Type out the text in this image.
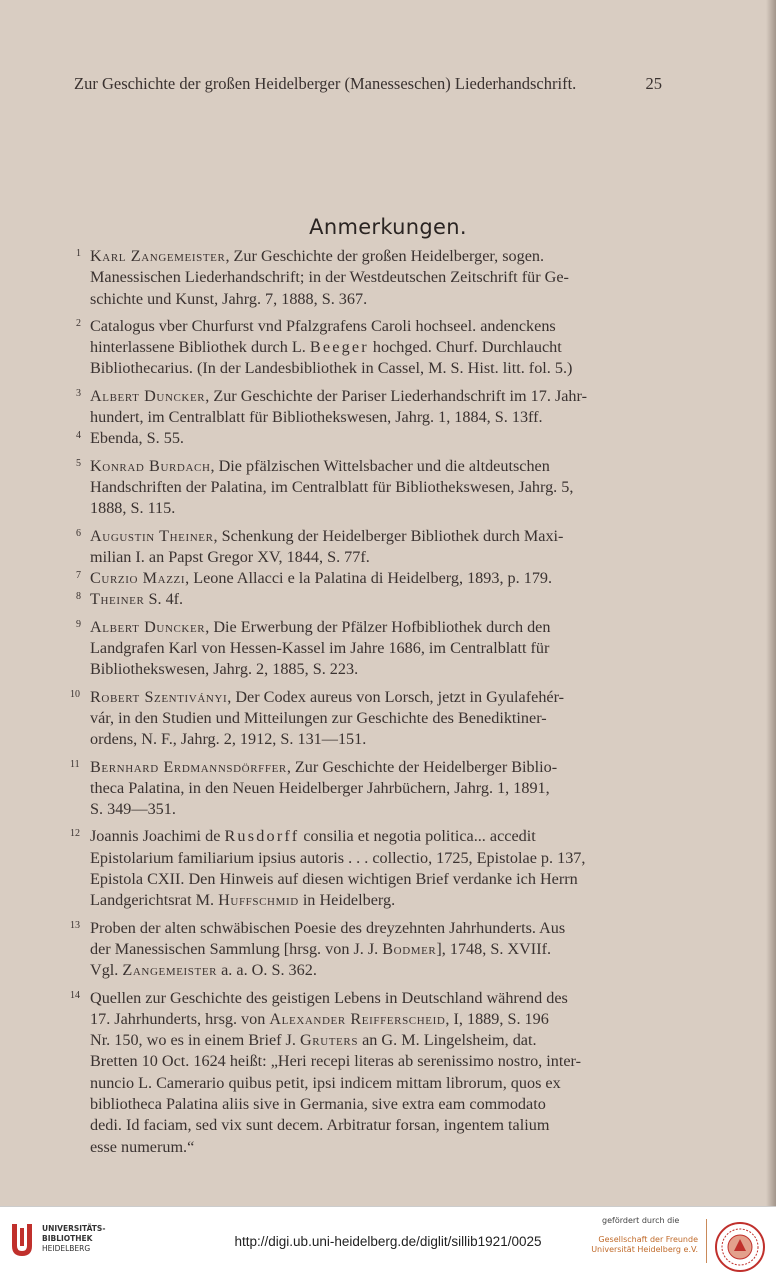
Zur Geschichte der großen Heidelberger (Manesseschen) Liederhandschrift.	25
Anmerkungen.
1 Karl Zangemeister, Zur Geschichte der großen Heidelberger, sogen.
Manessischen Liederhandschrift; in der Westdeutschen Zeitschrift für Ge-
schichte und Kunst, Jahrg. 7, 1888, S. 367.
2 Catalogus vber Churfurst vnd Pfalzgrafens Caroli hochseel. andenckens
hinterlassene Bibliothek durch L. Beeger hochged. Churf. Durchlaucht
Bibliothecarius. (In der Landesbibliothek in Cassel, M. S. Hist. litt. fol. 5.)
3 Albert Duncker, Zur Geschichte der Pariser Liederhandschrift im 17. Jahr-
hundert, im Centralblatt für Bibliothekswesen, Jahrg. 1, 1884, S. 13ff.
4 Ebenda, S. 55.
5 Konrad Burdach, Die pfälzischen Wittelsbacher und die altdeutschen
Handschriften der Palatina, im Centralblatt für Bibliothekswesen, Jahrg. 5,
1888, S. 115.
6 Augustin Theiner, Schenkung der Heidelberger Bibliothek durch Maxi-
milian I. an Papst Gregor XV, 1844, S. 77f.
7 Curzio Mazzi, Leone Allacci e la Palatina di Heidelberg, 1893, p. 179.
8 Theiner S. 4f.
9 Albert Duncker, Die Erwerbung der Pfälzer Hofbibliothek durch den
Landgrafen Karl von Hessen-Kassel im Jahre 1686, im Centralblatt für
Bibliothekswesen, Jahrg. 2, 1885, S. 223.
10 Robert Szentiványi, Der Codex aureus von Lorsch, jetzt in Gyulafehér-
vár, in den Studien und Mitteilungen zur Geschichte des Benediktiner-
ordens, N. F., Jahrg. 2, 1912, S. 131—151.
11 Bernhard Erdmannsdörffer, Zur Geschichte der Heidelberger Biblio-
theca Palatina, in den Neuen Heidelberger Jahrbüchern, Jahrg. 1, 1891,
S. 349—351.
12 Joannis Joachimi de Rusdorff consilia et negotia politica... accedit
Epistolarium familiarium ipsius autoris . . . collectio, 1725, Epistolae p. 137,
Epistola CXII. Den Hinweis auf diesen wichtigen Brief verdanke ich Herrn
Landgerichtsrat M. Huffschmid in Heidelberg.
13 Proben der alten schwäbischen Poesie des dreyzehnten Jahrhunderts. Aus
der Manessischen Sammlung [hrsg. von J. J. Bodmer], 1748, S. XVIIf.
Vgl. Zangemeister a. a. O. S. 362.
14 Quellen zur Geschichte des geistigen Lebens in Deutschland während des
17. Jahrhunderts, hrsg. von Alexander Reifferscheid, I, 1889, S. 196
Nr. 150, wo es in einem Brief J. Gruters an G. M. Lingelsheim, dat.
Bretten 10 Oct. 1624 heißt: „Heri recepi literas ab serenissimo nostro, inter-
nuncio L. Camerario quibus petit, ipsi indicem mittam librorum, quos ex
bibliotheca Palatina aliis sive in Germania, sive extra eam commodato
dedi. Id faciam, sed vix sunt decem. Arbitratur forsan, ingentem talium
esse numerum.“
UNIVERSITÄTS-
BIBLIOTHEK
HEIDELBERG	http://digi.ub.uni-heidelberg.de/diglit/sillib1921/0025
gefördert durch die
Gesellschaft der Freunde
Universität Heidelberg e.V.
